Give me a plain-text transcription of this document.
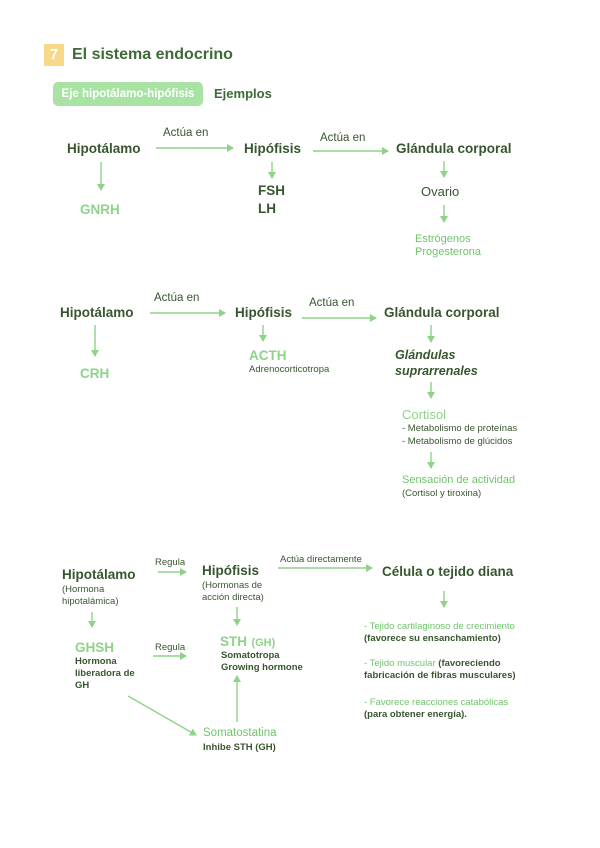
7 El sistema endocrino
Eje hipotálamo-hipófisis	Ejemplos
Hipotálamo
Actúa en
Hipófisis
Actúa en
Glándula corporal
GNRH
FSH
LH
Ovario
Estrógenos
Progesterona
Hipotálamo
Actúa en
Hipófisis
Actúa en
Glándula corporal
CRH
ACTH
Adrenocorticotropa
Glándulas
suprarrenales
Cortisol
- Metabolismo de proteínas
- Metabolismo de glúcidos
Sensación de actividad
(Cortisol y tiroxina)
Hipotálamo
(Hormona
hipotalámica)
Regula
Hipófisis
(Hormonas de
acción directa)
Actúa directamente
Célula o tejido diana
GHSH
Hormona
liberadora de
GH
Regula	STH (GH)
Somatotropa
Growing hormone
Somatostatina
Inhibe STH (GH)
- Tejido cartilaginoso de crecimiento
(favorece su ensanchamiento)
- Tejido muscular (favoreciendo
fabricación de fibras musculares)
- Favorece reacciones catabólicas
(para obtener energía).
